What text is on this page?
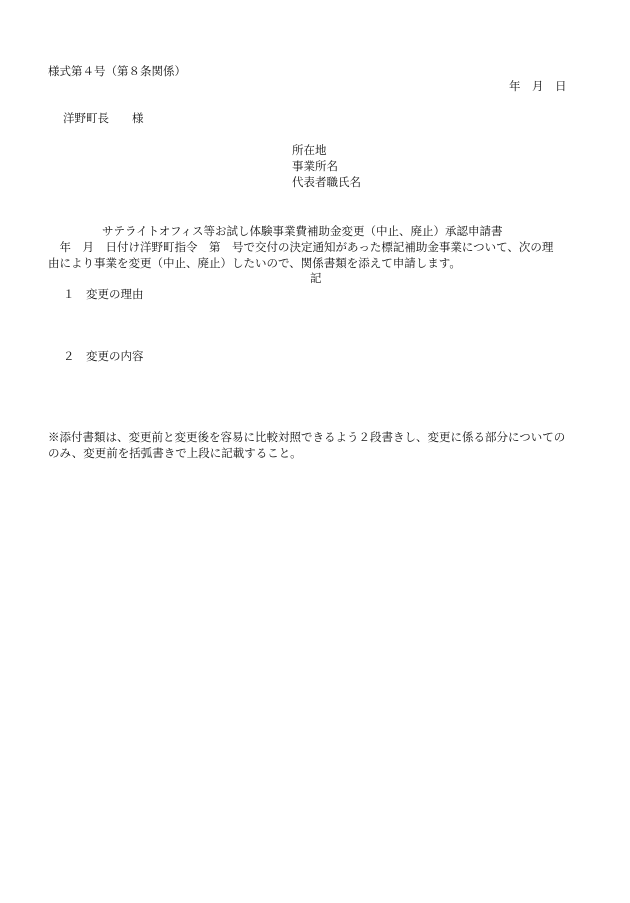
様式第４号（第８条関係）
年　月　日
洋野町長　　様
所在地
事業所名
代表者職氏名
サテライトオフィス等お試し体験事業費補助金変更（中止、廃止）承認申請書
　年　月　日付け洋野町指令　第　号で交付の決定通知があった標記補助金事業について、次の理
由により事業を変更（中止、廃止）したいので、関係書類を添えて申請します。
記
１　変更の理由
２　変更の内容
※添付書類は、変更前と変更後を容易に比較対照できるよう２段書きし、変更に係る部分についての
のみ、変更前を括弧書きで上段に記載すること。
